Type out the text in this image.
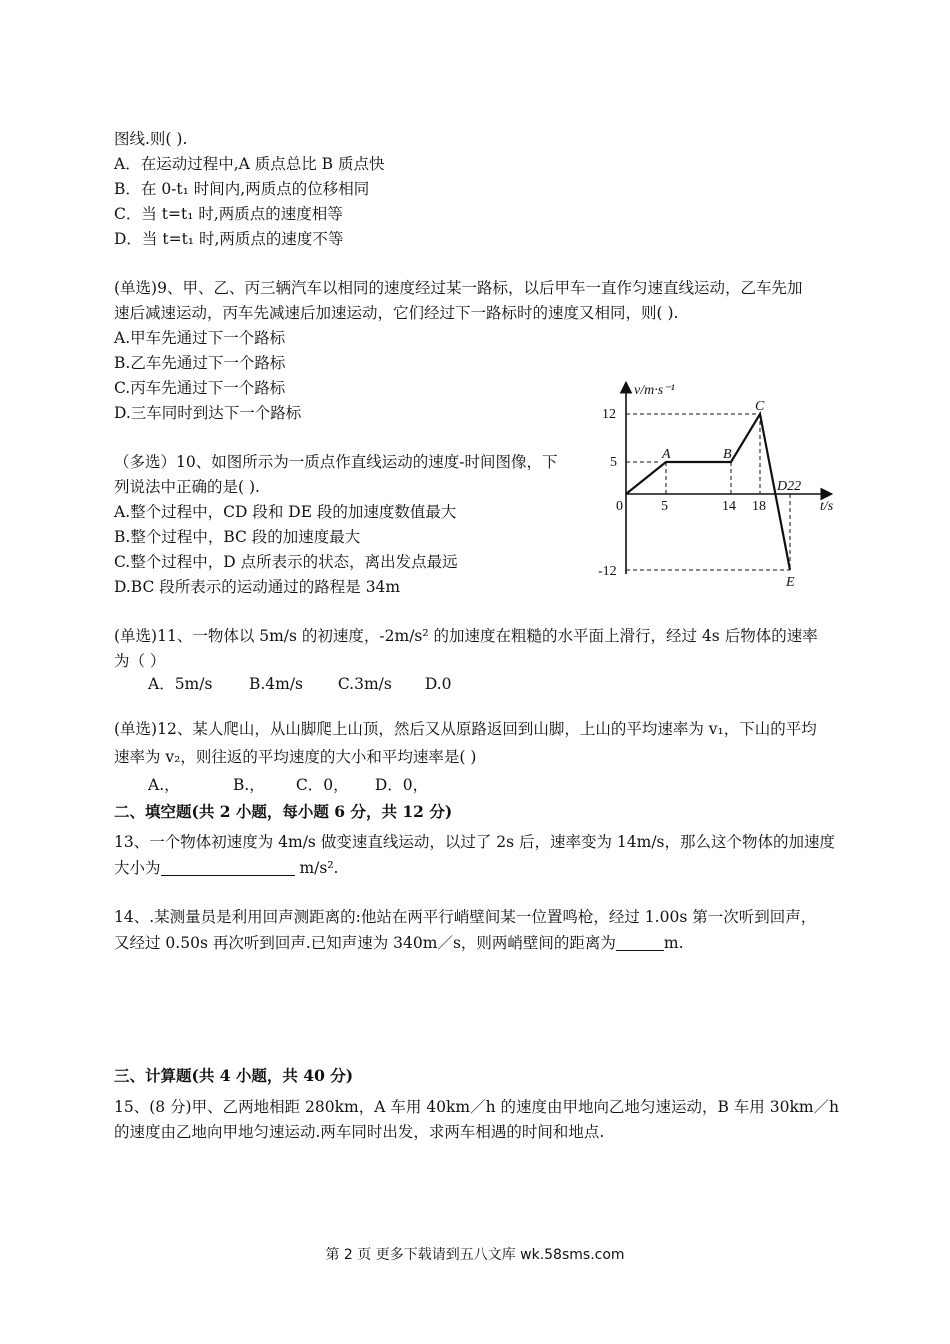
图线.则( ).
A．在运动过程中,A 质点总比 B 质点快
B．在 0-t₁ 时间内,两质点的位移相同
C．当 t=t₁ 时,两质点的速度相等
D．当 t=t₁ 时,两质点的速度不等
(单选)9、甲、乙、丙三辆汽车以相同的速度经过某一路标，以后甲车一直作匀速直线运动，乙车先加
速后减速运动，丙车先减速后加速运动，它们经过下一路标时的速度又相同，则( ).
A.甲车先通过下一个路标
B.乙车先通过下一个路标
C.丙车先通过下一个路标
D.三车同时到达下一个路标
（多选）10、如图所示为一质点作直线运动的速度-时间图像，下
列说法中正确的是( ).
A.整个过程中，CD 段和 DE 段的加速度数值最大
B.整个过程中，BC 段的加速度最大
C.整个过程中，D 点所表示的状态，离出发点最远
D.BC 段所表示的运动通过的路程是 34m
v/m·s⁻¹
t/s
12
5
-12
0	5	14 18
A	B
C
D22
E
(单选)11、一物体以 5m/s 的初速度，-2m/s² 的加速度在粗糙的水平面上滑行，经过 4s 后物体的速率
为（ ）
A．5m/s B.4m/s C.3m/s D.0
(单选)12、某人爬山，从山脚爬上山顶，然后又从原路返回到山脚，上山的平均速率为 v₁，下山的平均
速率为 v₂，则往返的平均速度的大小和平均速率是( )
A.，	B.， C．0， D．0，
二、填空题(共 2 小题，每小题 6 分，共 12 分)
13、一个物体初速度为 4m/s 做变速直线运动，以过了 2s 后，速率变为 14m/s，那么这个物体的加速度
大小为	m/s².
14、.某测量员是利用回声测距离的:他站在两平行峭壁间某一位置鸣枪，经过 1.00s 第一次听到回声，
又经过 0.50s 再次听到回声.已知声速为 340m／s，则两峭壁间的距离为	m.
三、计算题(共 4 小题，共 40 分)
15、(8 分)甲、乙两地相距 280km，A 车用 40km／h 的速度由甲地向乙地匀速运动，B 车用 30km／h
的速度由乙地向甲地匀速运动.两车同时出发，求两车相遇的时间和地点.
第 2 页 更多下载请到五八文库 wk.58sms.com
